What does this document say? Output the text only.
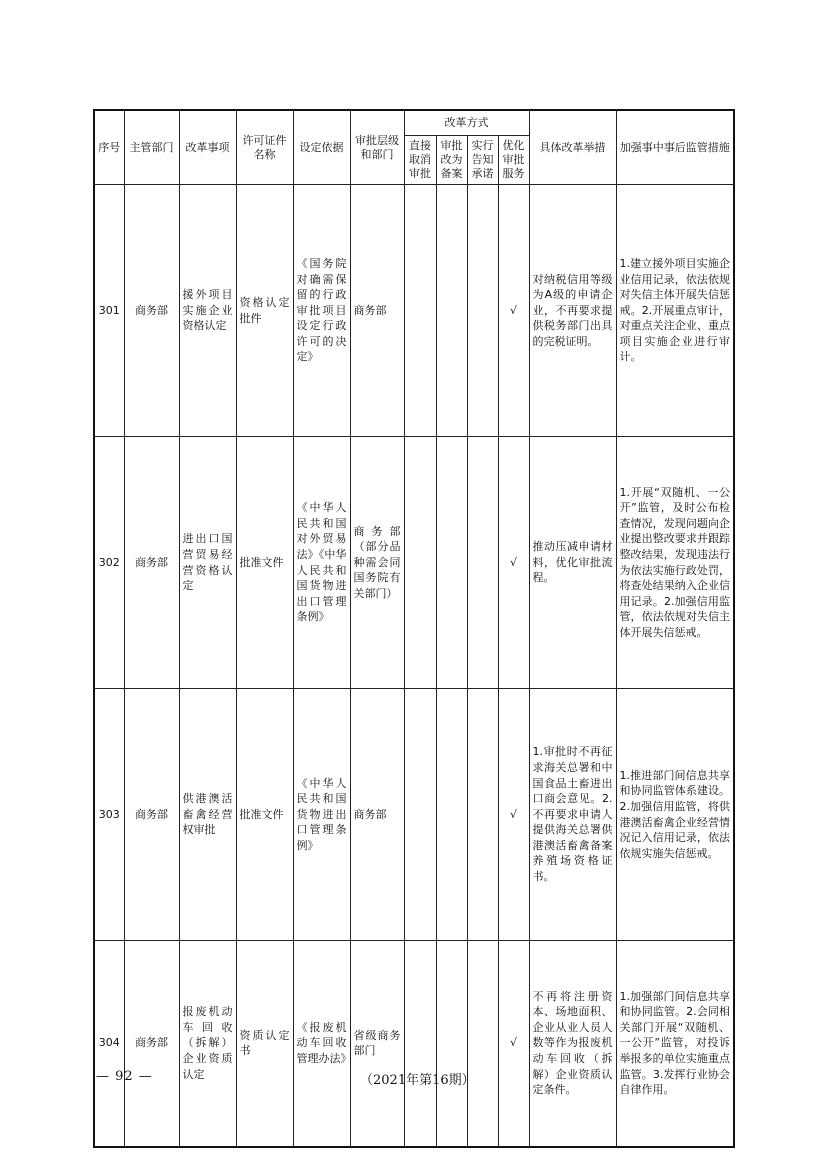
序号	主管部门	改革事项	许可证件名称	设定依据	审批层级和部门	改革方式				具体改革举措	加强事中事后监管措施
						直接取消审批	审批改为备案	实行告知承诺	优化审批服务		
301	商务部	援外项目实施企业资格认定	资格认定批件	《国务院对确需保留的行政审批项目设定行政许可的决定》	商务部				√	对纳税信用等级为A级的申请企业，不再要求提供税务部门出具的完税证明。	1.建立援外项目实施企业信用记录，依法依规对失信主体开展失信惩戒。2.开展重点审计，对重点关注企业、重点项目实施企业进行审计。
302	商务部	进出口国营贸易经营资格认定	批准文件	《中华人民共和国对外贸易法》《中华人民共和国货物进出口管理条例》	商务部（部分品种需会同国务院有关部门）				√	推动压减申请材料，优化审批流程。	1.开展“双随机、一公开”监管，及时公布检查情况，发现问题向企业提出整改要求并跟踪整改结果，发现违法行为依法实施行政处罚，将查处结果纳入企业信用记录。2.加强信用监管，依法依规对失信主体开展失信惩戒。
303	商务部	供港澳活畜禽经营权审批	批准文件	《中华人民共和国货物进出口管理条例》	商务部				√	1.审批时不再征求海关总署和中国食品土畜进出口商会意见。2.不再要求申请人提供海关总署供港澳活畜禽备案养殖场资格证书。	1.推进部门间信息共享和协同监管体系建设。2.加强信用监管，将供港澳活畜禽企业经营情况记入信用记录，依法依规实施失信惩戒。
304	商务部	报废机动车回收（拆解）企业资质认定	资质认定书	《报废机动车回收管理办法》	省级商务部门				√	不再将注册资本、场地面积、企业从业人员人数等作为报废机动车回收（拆解）企业资质认定条件。	1.加强部门间信息共享和协同监管。2.会同相关部门开展“双随机、一公开”监管，对投诉举报多的单位实施重点监管。3.发挥行业协会自律作用。
— 92 —	（2021年第16期）
